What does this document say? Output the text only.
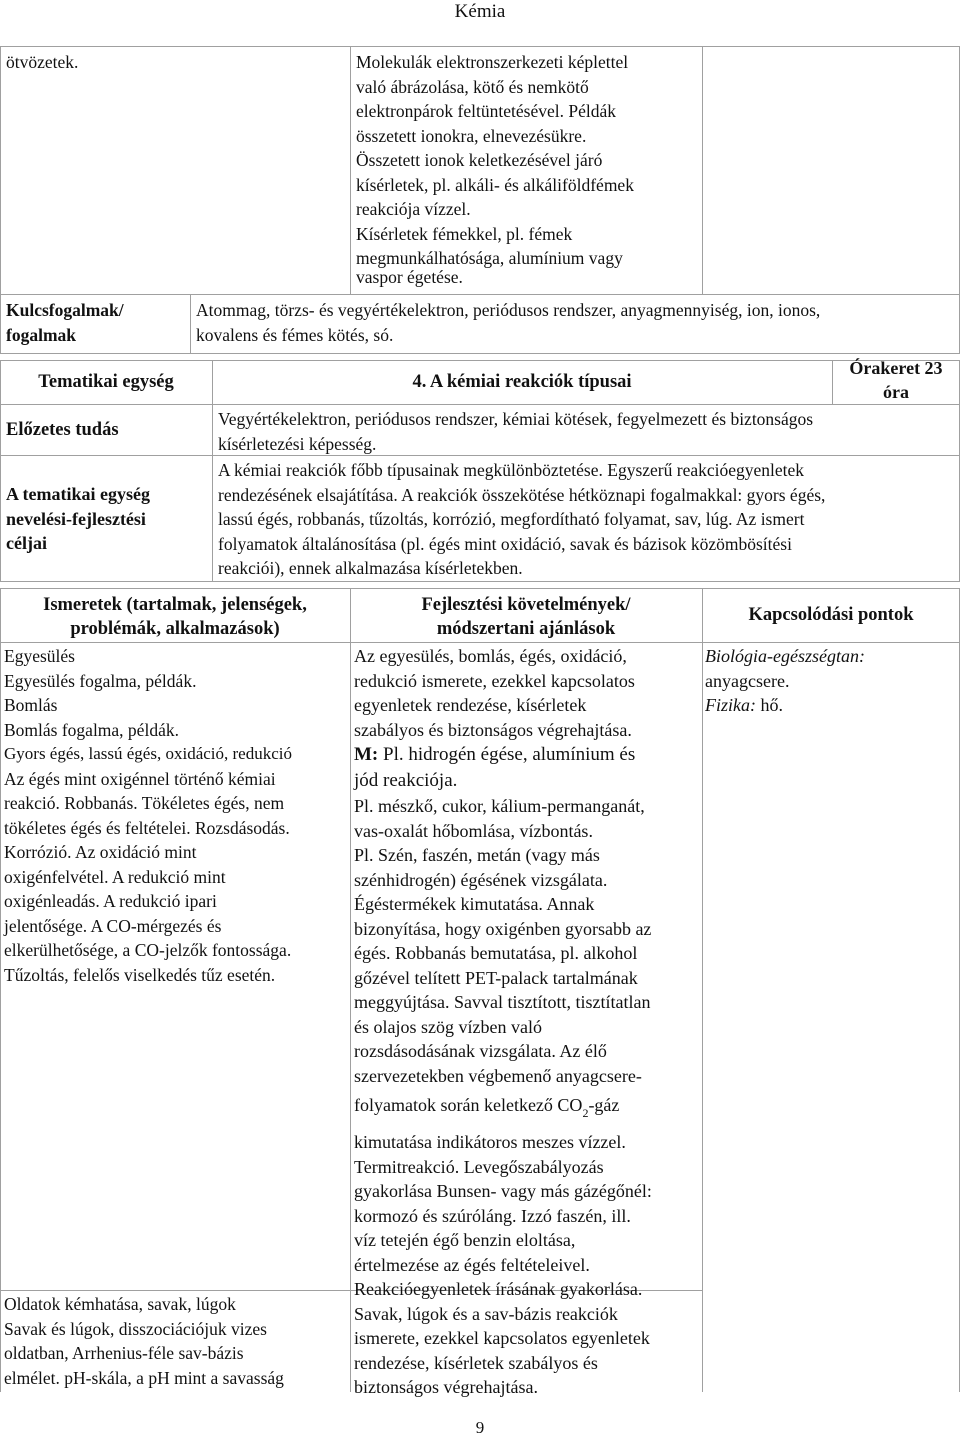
Kémia
ötvözetek.	Molekulák elektronszerkezeti képlettel

való ábrázolása, kötő és nemkötő

elektronpárok feltüntetésével. Példák

összetett ionokra, elnevezésükre.

Összetett ionok keletkezésével járó

kísérletek, pl. alkáli- és alkáliföldfémek

reakciója vízzel.

Kísérletek fémekkel, pl. fémek

megmunkálhatósága, alumínium vagy

vaspor égetése.

Kulcsfogalmak/

fogalmak

Atommag, törzs- és vegyértékelektron, periódusos rendszer, anyagmennyiség, ion, ionos,

kovalens és fémes kötés, só.

Tematikai egység	4. A kémiai reakciók típusai

Órakeret 23

óra

Előzetes tudás

Vegyértékelektron, periódusos rendszer, kémiai kötések, fegyelmezett és biztonságos

kísérletezési képesség.

A tematikai egység

nevelési-fejlesztési

céljai

A kémiai reakciók főbb típusainak megkülönböztetése. Egyszerű reakcióegyenletek

rendezésének elsajátítása. A reakciók összekötése hétköznapi fogalmakkal: gyors égés,

lassú égés, robbanás, tűzoltás, korrózió, megfordítható folyamat, sav, lúg. Az ismert

folyamatok általánosítása (pl. égés mint oxidáció, savak és bázisok közömbösítési

reakciói), ennek alkalmazása kísérletekben.

Ismeretek (tartalmak, jelenségek,

problémák, alkalmazások)

Fejlesztési követelmények/

módszertani ajánlások

Kapcsolódási pontok

Egyesülés

Egyesülés fogalma, példák.

Bomlás

Bomlás fogalma, példák.

Gyors égés, lassú égés, oxidáció, redukció

Az égés mint oxigénnel történő kémiai

reakció. Robbanás. Tökéletes égés, nem

tökéletes égés és feltételei. Rozsdásodás.

Korrózió. Az oxidáció mint

oxigénfelvétel. A redukció mint

oxigénleadás. A redukció ipari

jelentősége. A CO-mérgezés és

elkerülhetősége, a CO-jelzők fontossága.

Tűzoltás, felelős viselkedés tűz esetén.

Oldatok kémhatása, savak, lúgok

Savak és lúgok, disszociációjuk vizes

oldatban, Arrhenius-féle sav-bázis

elmélet. pH-skála, a pH mint a savasság

Az egyesülés, bomlás, égés, oxidáció,

redukció ismerete, ezekkel kapcsolatos

egyenletek rendezése, kísérletek

szabályos és biztonságos végrehajtása.

M: Pl. hidrogén égése, alumínium és

jód reakciója.

Pl. mészkő, cukor, kálium-permanganát,

vas-oxalát hőbomlása, vízbontás.

Pl. Szén, faszén, metán (vagy más

szénhidrogén) égésének vizsgálata.

Égéstermékek kimutatása. Annak

bizonyítása, hogy oxigénben gyorsabb az

égés. Robbanás bemutatása, pl. alkohol

gőzével telített PET-palack tartalmának

meggyújtása. Savval tisztított, tisztítatlan

és olajos szög vízben való

rozsdásodásának vizsgálata. Az élő

szervezetekben végbemenő anyagcsere-

folyamatok során keletkező $CO_2$-gáz

kimutatása indikátoros meszes vízzel.

Termitreakció. Levegőszabályozás

gyakorlása Bunsen- vagy más gázégőnél:

kormozó és szúróláng. Izzó faszén, ill.

víz tetején égő benzin eloltása,

értelmezése az égés feltételeivel.

Reakcióegyenletek írásának gyakorlása.

Savak, lúgok és a sav-bázis reakciók

ismerete, ezekkel kapcsolatos egyenletek

rendezése, kísérletek szabályos és

biztonságos végrehajtása.

Biológia-egészségtan:

anyagcsere.

Fizika: hő.

9
